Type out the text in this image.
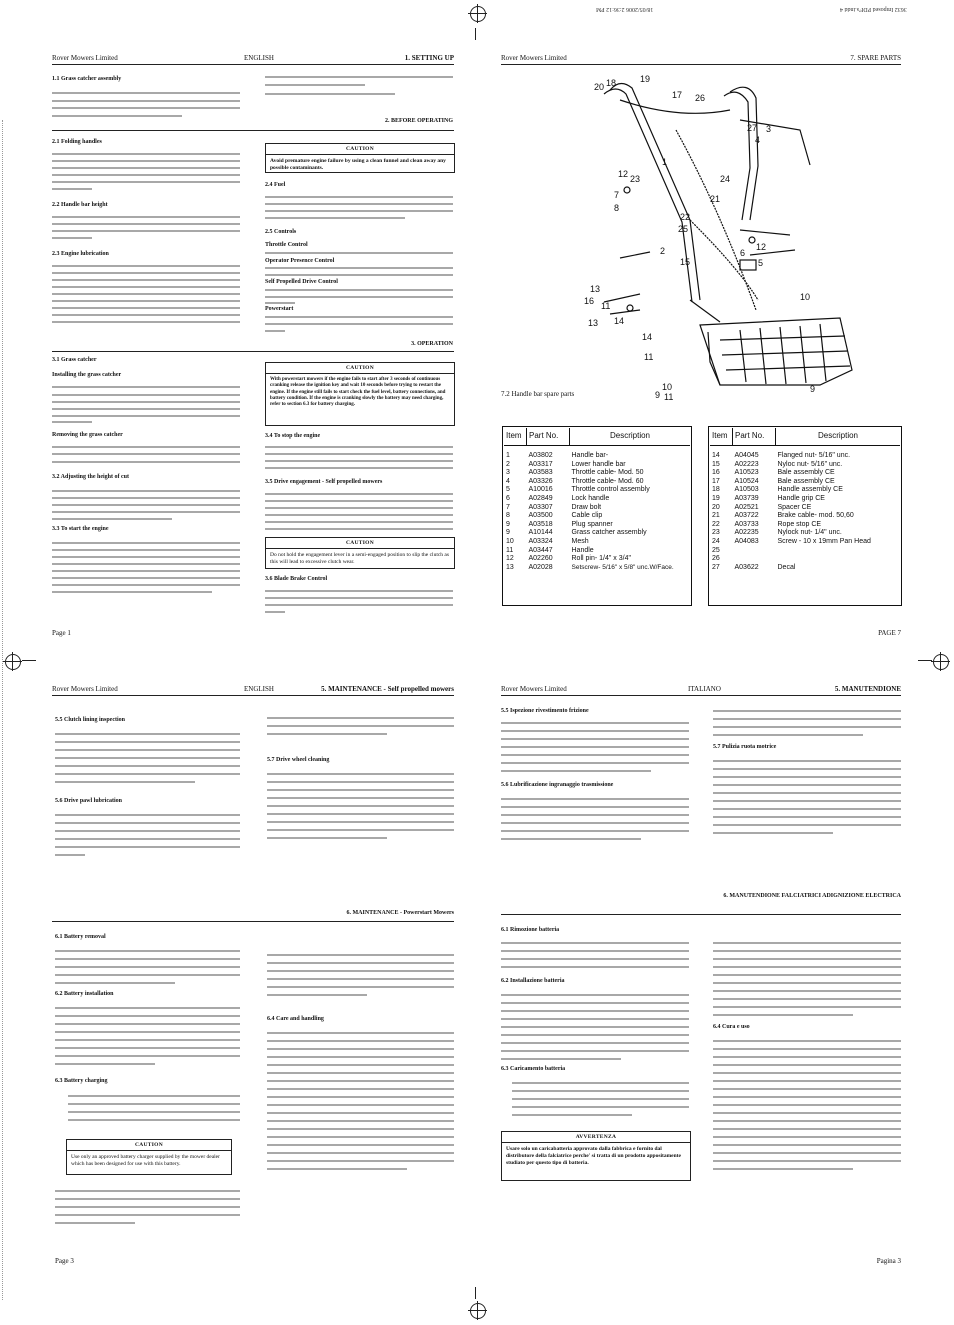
18/05/2006 2:36:12 PM	3632 Imposed PDF's.indd 4
Rover Mowers Limited	ENGLISH	1. SETTING UP
1.1 Grass catcher assembly
2. BEFORE OPERATING
2.1 Folding handles
2.2 Handle bar height
2.3 Engine lubrication
CAUTION
Avoid premature engine failure by using a clean funnel and clean away any possible contaminants.
2.4 Fuel
2.5 Controls
Throttle Control
Operator Presence Control
Self Propelled Drive Control
Powerstart
3. OPERATION
3.1 Grass catcher
Installing the grass catcher
Removing the grass catcher
3.2 Adjusting the height of cut
3.3 To start the engine
CAUTION
With powerstart mowers if the engine fails to start after 3 seconds of continuous cranking release the ignition key and wait 10 seconds before trying to restart the engine. If the engine still fails to start check the fuel level, battery connections, and battery condition. If the engine is cranking slowly the battery may need charging, refer to section 6.3 for battery charging.
3.4 To stop the engine
3.5 Drive engagement - Self propelled mowers
CAUTION
Do not hold the engagement lever in a semi-engaged position to slip the clutch as this will lead to excessive clutch wear.
3.6 Blade Brake Control
Page 1
Rover Mowers Limited	7. SPARE PARTS
20 18	19
17 26
27 3
4
1
12 23	24
21
22
25
7
8
2
15
6
12
5
13
16 11
10
13 14
14
11
9
10
9 11
7.2 Handle bar spare parts
Item	Part No.	Description

1	A03802	Handle bar-
2	A03317	Lower handle bar
3	A03583	Throttle cable- Mod. 50
4	A03326	Throttle cable- Mod. 60
5	A10016	Throttle control assembly
6	A02849	Lock handle
7	A03307	Draw bolt
8	A03500	Cable clip
9	A03518	Plug spanner
9	A10144	Grass catcher assembly
10	A03324	Mesh
11	A03447	Handle
12	A02260	Roll pin- 1/4" x 3/4"
13	A02028	Setscrew- 5/16" x 5/8" unc.W/Face.
Item	Part No.	Description

14	A04045	Flanged nut- 5/16" unc.
15	A02223	Nyloc nut- 5/16" unc.
16	A10523	Bale assembly CE
17	A10524	Bale assembly CE
18	A10503	Handle assembly CE
19	A03739	Handle grip CE
20	A02521	Spacer CE
21	A03722	Brake cable- mod. 50,60
22	A03733	Rope stop CE
23	A02235	Nylock nut- 1/4" unc.
24	A04083	Screw - 10 x 19mm Pan Head
25		
26		
27	A03622	Decal
PAGE 7
Rover Mowers Limited	ENGLISH	5. MAINTENANCE - Self propelled mowers
5.5 Clutch lining inspection
5.6 Drive pawl lubrication
5.7 Drive wheel cleaning
6. MAINTENANCE - Powerstart Mowers
6.1 Battery removal
6.2 Battery installation
6.3 Battery charging
CAUTION
Use only an approved battery charger supplied by the mower dealer which has been designed for use with this battery.
6.4 Care and handling
Page 3
Rover Mowers Limited	ITALIANO	5. MANUTENDIONE
5.5 Ispezione rivestimento frizione
5.6 Lubrificazione ingranaggio trasmissione
5.7 Pulizia ruota motrice
6. MANUTENDIONE FALCIATRICI ADIGNIZIONE ELECTRICA
6.1 Rimozione batteria
6.2 Installazione batteria
6.3 Caricamento batteria
AVVERTENZA
Usare solo un caricabatteria approvato dalla fabbrica e fornito dal distributore della falciatrice perche' si tratta di un prodotto appositamente studiato per questo tipo di batteria.
6.4 Cura e uso
Pagina 3
